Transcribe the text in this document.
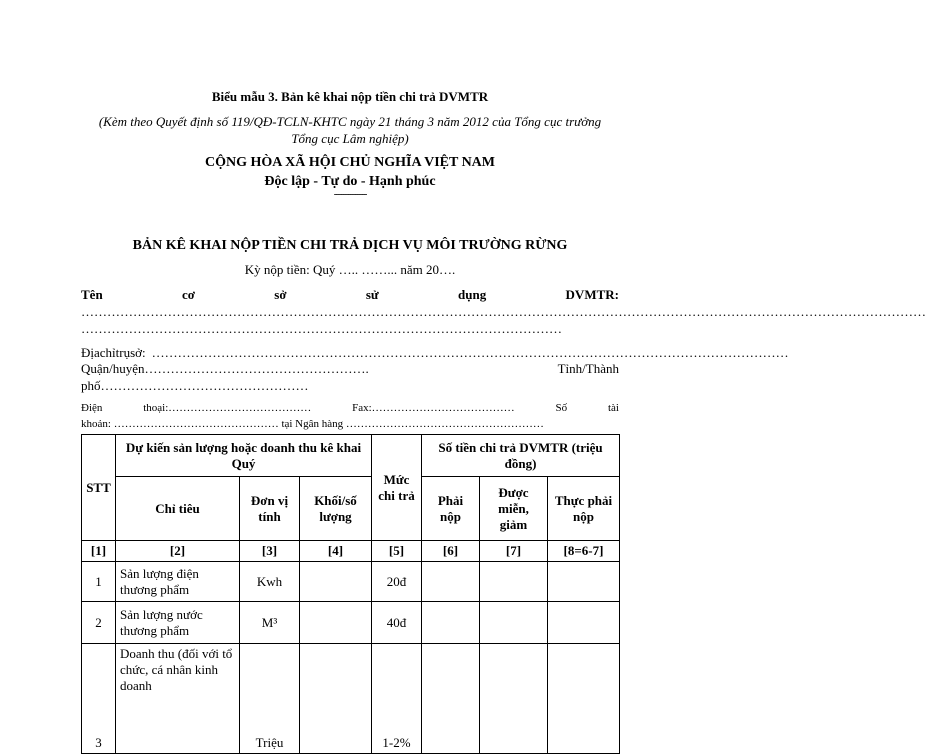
Biểu mẫu 3. Bản kê khai nộp tiền chi trả DVMTR
(Kèm theo Quyết định số 119/QĐ-TCLN-KHTC ngày 21 tháng 3 năm 2012 của Tổng cục trưởng Tổng cục Lâm nghiệp)
CỘNG HÒA XÃ HỘI CHỦ NGHĨA VIỆT NAM
Độc lập - Tự do - Hạnh phúc
--------------
BẢN KÊ KHAI NỘP TIỀN CHI TRẢ DỊCH VỤ MÔI TRƯỜNG RỪNG
Kỳ nộp tiền: Quý ….. ……... năm 20….
Tên	cơ	sở	sử	dụng	DVMTR:
……………………………………………………………………………………………………………………………………………………………………………
…………………………………………………………………………………………………
Địa chỉ trụ sở: …………………………………………………………………………………………………………………………………
Quận/huyện…………………………………………….	Tỉnh/Thành
phố…………………………………………
Điện	thoại:…………………………………	Fax:…………………………………	Số	tài
khoản: ……………………………………… tại Ngân hàng ………………………………………………
STT	Dự kiến sản lượng hoặc doanh thu kê khai Quý			Mức chi trả	Số tiền chi trả DVMTR (triệu đồng)		
	Chỉ tiêu	Đơn vị tính	Khối/số lượng		Phải nộp	Được miễn, giảm	Thực phải nộp
[1]	[2]	[3]	[4]	[5]	[6]	[7]	[8=6-7]
1	Sản lượng điện thương phẩm	Kwh		20đ			
2	Sản lượng nước thương phẩm	M³		40đ			
3	Doanh thu (đối với tổ chức, cá nhân kinh doanh	Triệu		1-2%			
